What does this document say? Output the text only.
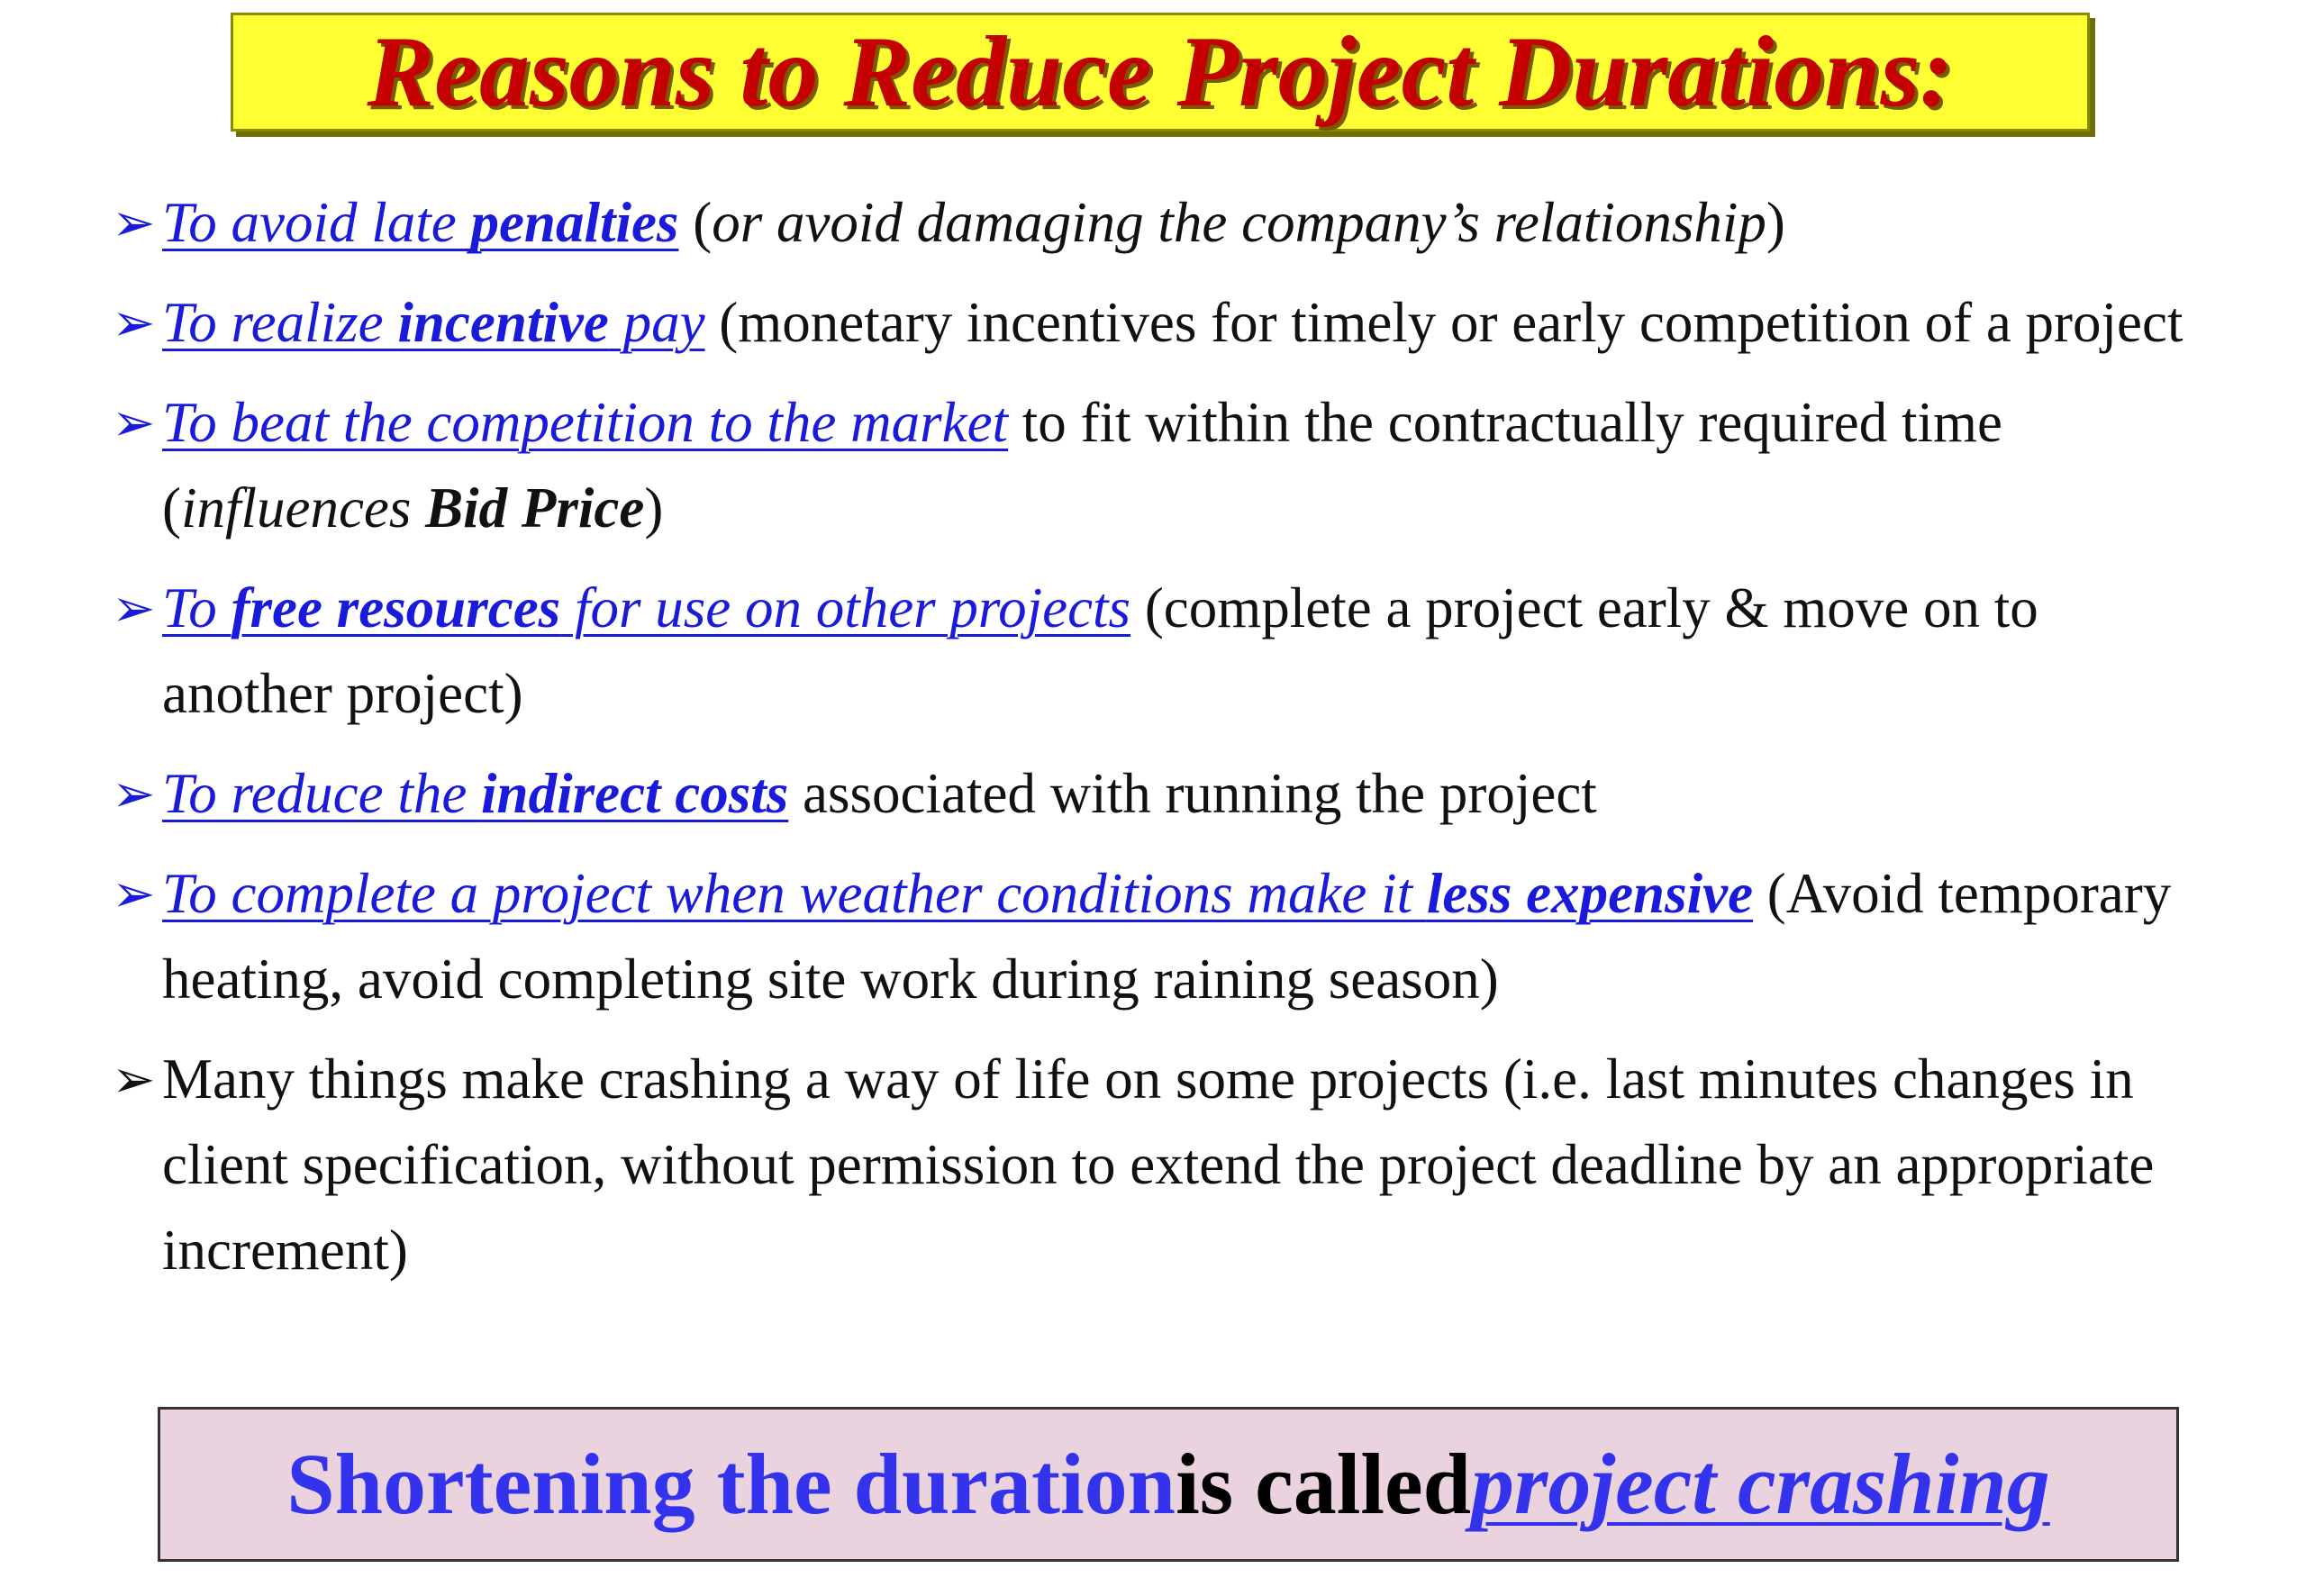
Reasons to Reduce Project Durations:
➢ To avoid late penalties (or avoid damaging the company’s relationship)
➢ To realize incentive pay (monetary incentives for timely or early competition of a project
➢ To beat the competition to the market to fit within the contractually required time (influences Bid Price)
➢ To free resources for use on other projects (complete a project early & move on to another project)
➢ To reduce the indirect costs associated with running the project
➢ To complete a project when weather conditions make it less expensive (Avoid temporary heating, avoid completing site work during raining season)
➢ Many things make crashing a way of life on some projects (i.e. last minutes changes in client specification, without permission to extend the project deadline by an appropriate increment)
Shortening the duration is called project crashing
